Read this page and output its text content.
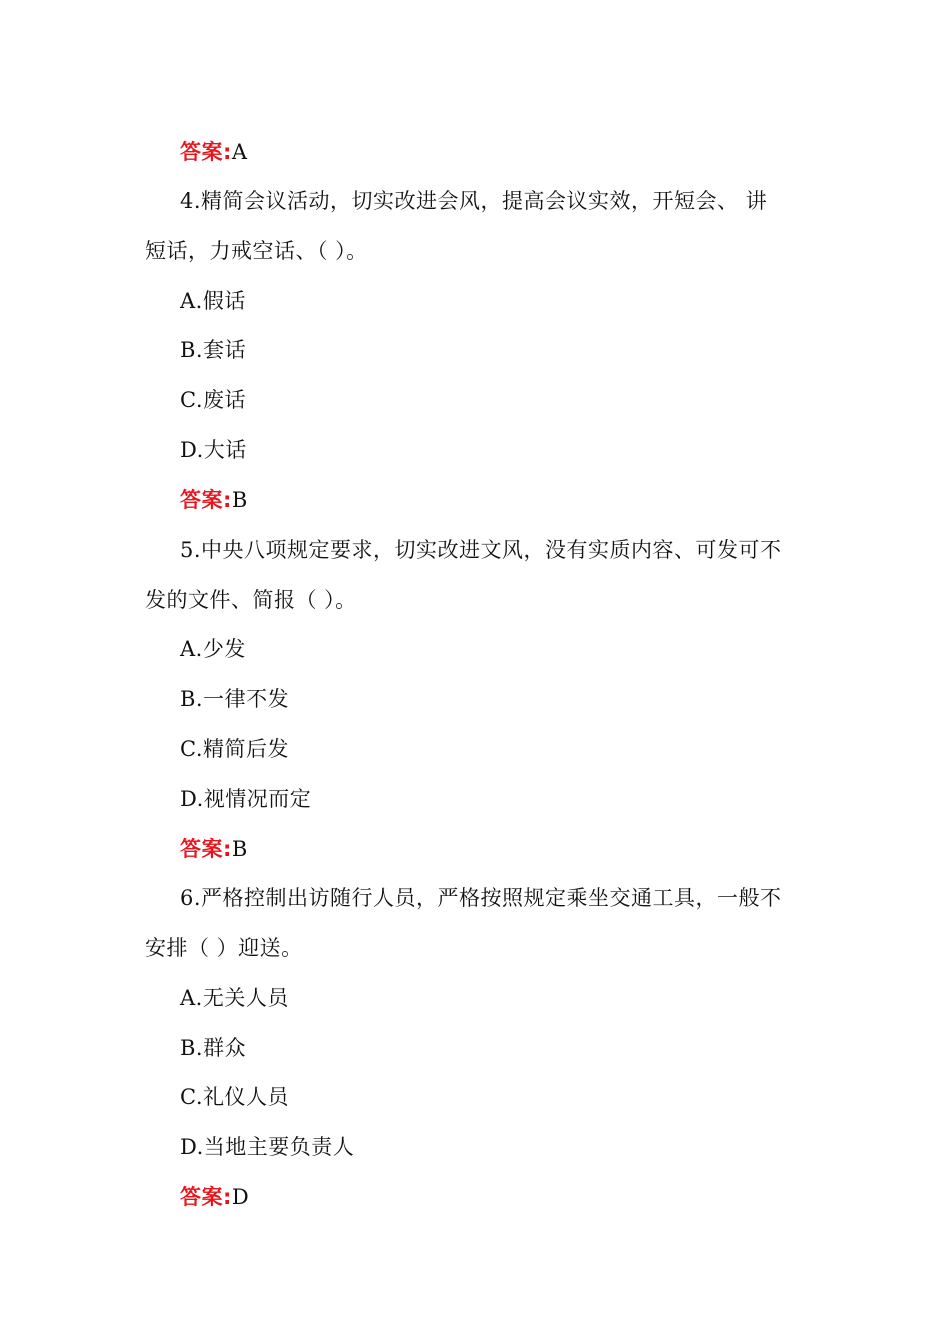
答案:A
4.精简会议活动，切实改进会风，提高会议实效，开短会、 讲
短话，力戒空话、（ ）。
A.假话
B.套话
C.废话
D.大话
答案:B
5.中央八项规定要求，切实改进文风，没有实质内容、可发可不
发的文件、简报（ ）。
A.少发
B.一律不发
C.精简后发
D.视情况而定
答案:B
6.严格控制出访随行人员，严格按照规定乘坐交通工具，一般不
安排（ ）迎送。
A.无关人员
B.群众
C.礼仪人员
D.当地主要负责人
答案:D
